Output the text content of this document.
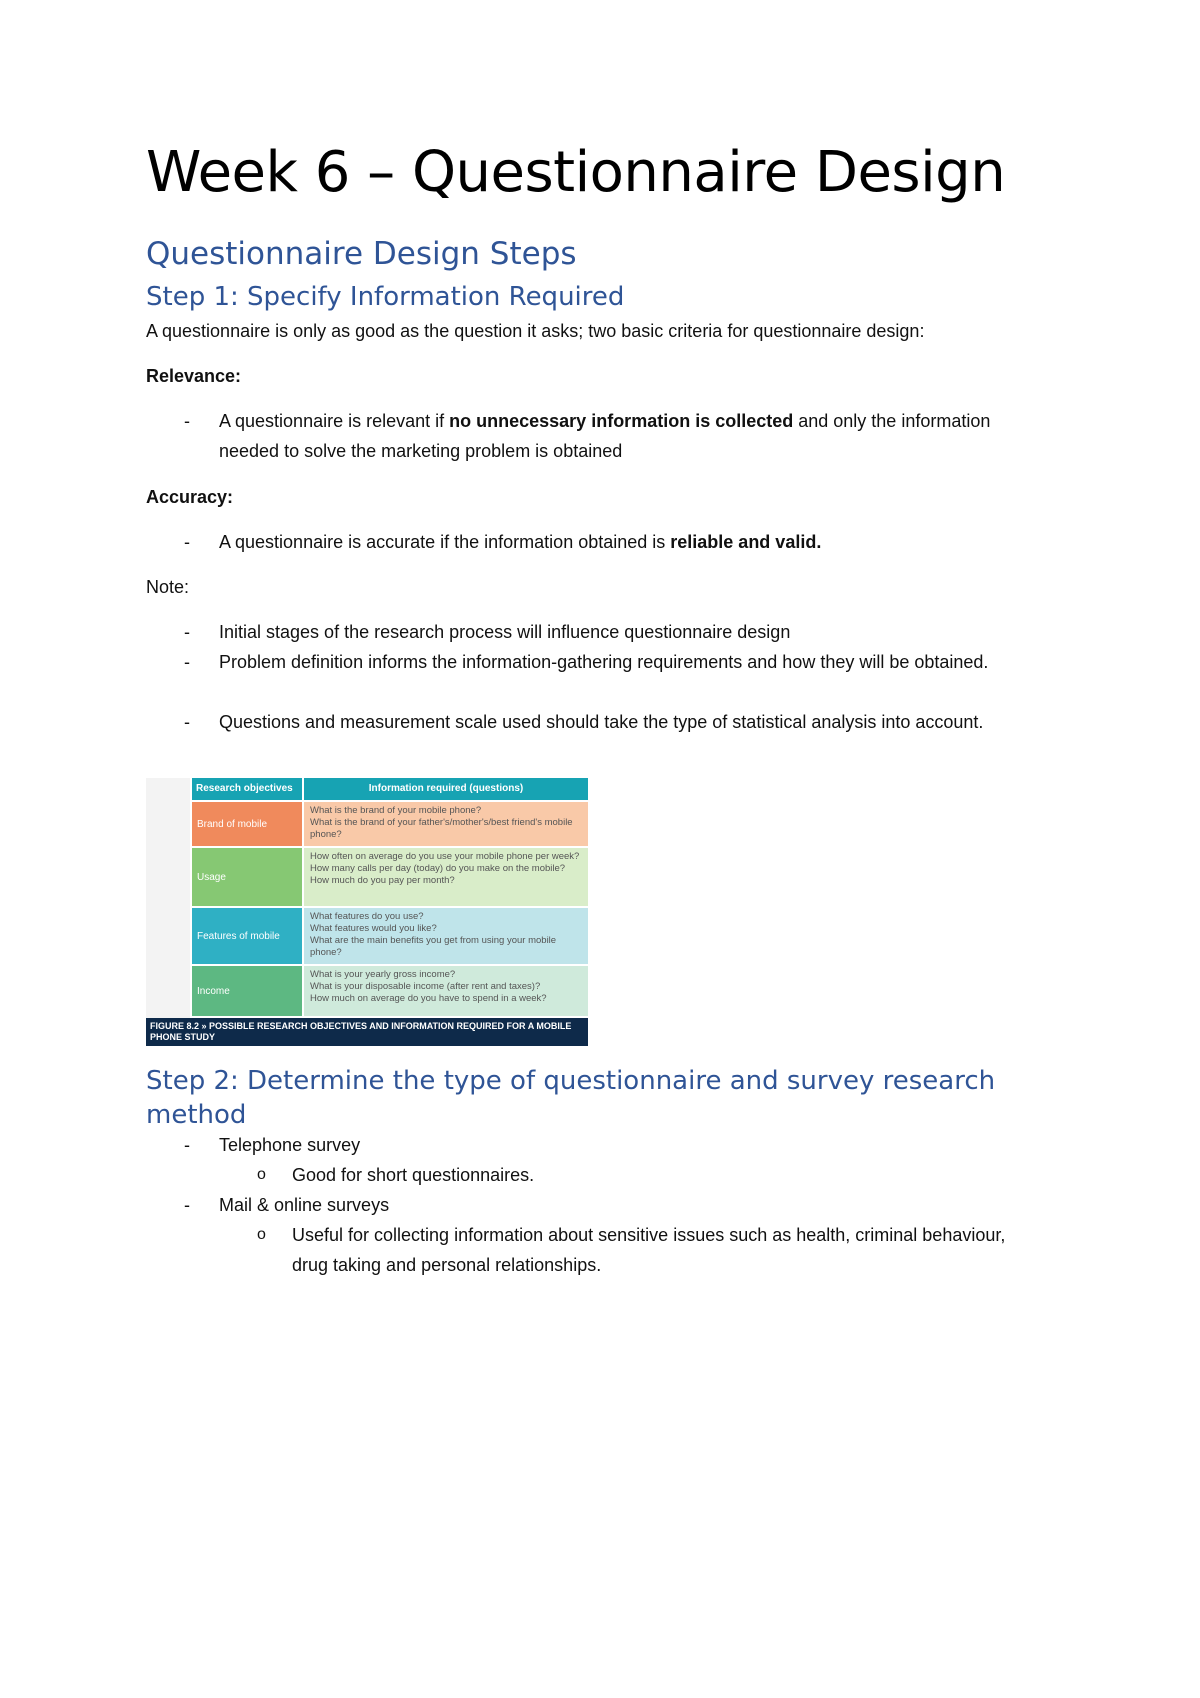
Week 6 – Questionnaire Design
Questionnaire Design Steps
Step 1: Specify Information Required
A questionnaire is only as good as the question it asks; two basic criteria for questionnaire design:
Relevance:
- A questionnaire is relevant if no unnecessary information is collected and only the information needed to solve the marketing problem is obtained
Accuracy:
- A questionnaire is accurate if the information obtained is reliable and valid.
Note:
- Initial stages of the research process will influence questionnaire design
- Problem definition informs the information-gathering requirements and how they will be obtained.
- Questions and measurement scale used should take the type of statistical analysis into account.
Step 2: Determine the type of questionnaire and survey research method
- Telephone survey
o Good for short questionnaires.
- Mail & online surveys
o Useful for collecting information about sensitive issues such as health, criminal behaviour, drug taking and personal relationships.
Research objectives	Information required (questions)
Brand of mobile
What is the brand of your mobile phone?
What is the brand of your father's/mother's/best friend's mobile phone?
Usage
How often on average do you use your mobile phone per week?
How many calls per day (today) do you make on the mobile?
How much do you pay per month?
Features of mobile
What features do you use?
What features would you like?
What are the main benefits you get from using your mobile phone?
Income
What is your yearly gross income?
What is your disposable income (after rent and taxes)?
How much on average do you have to spend in a week?
FIGURE 8.2 » POSSIBLE RESEARCH OBJECTIVES AND INFORMATION REQUIRED FOR A MOBILE PHONE STUDY
